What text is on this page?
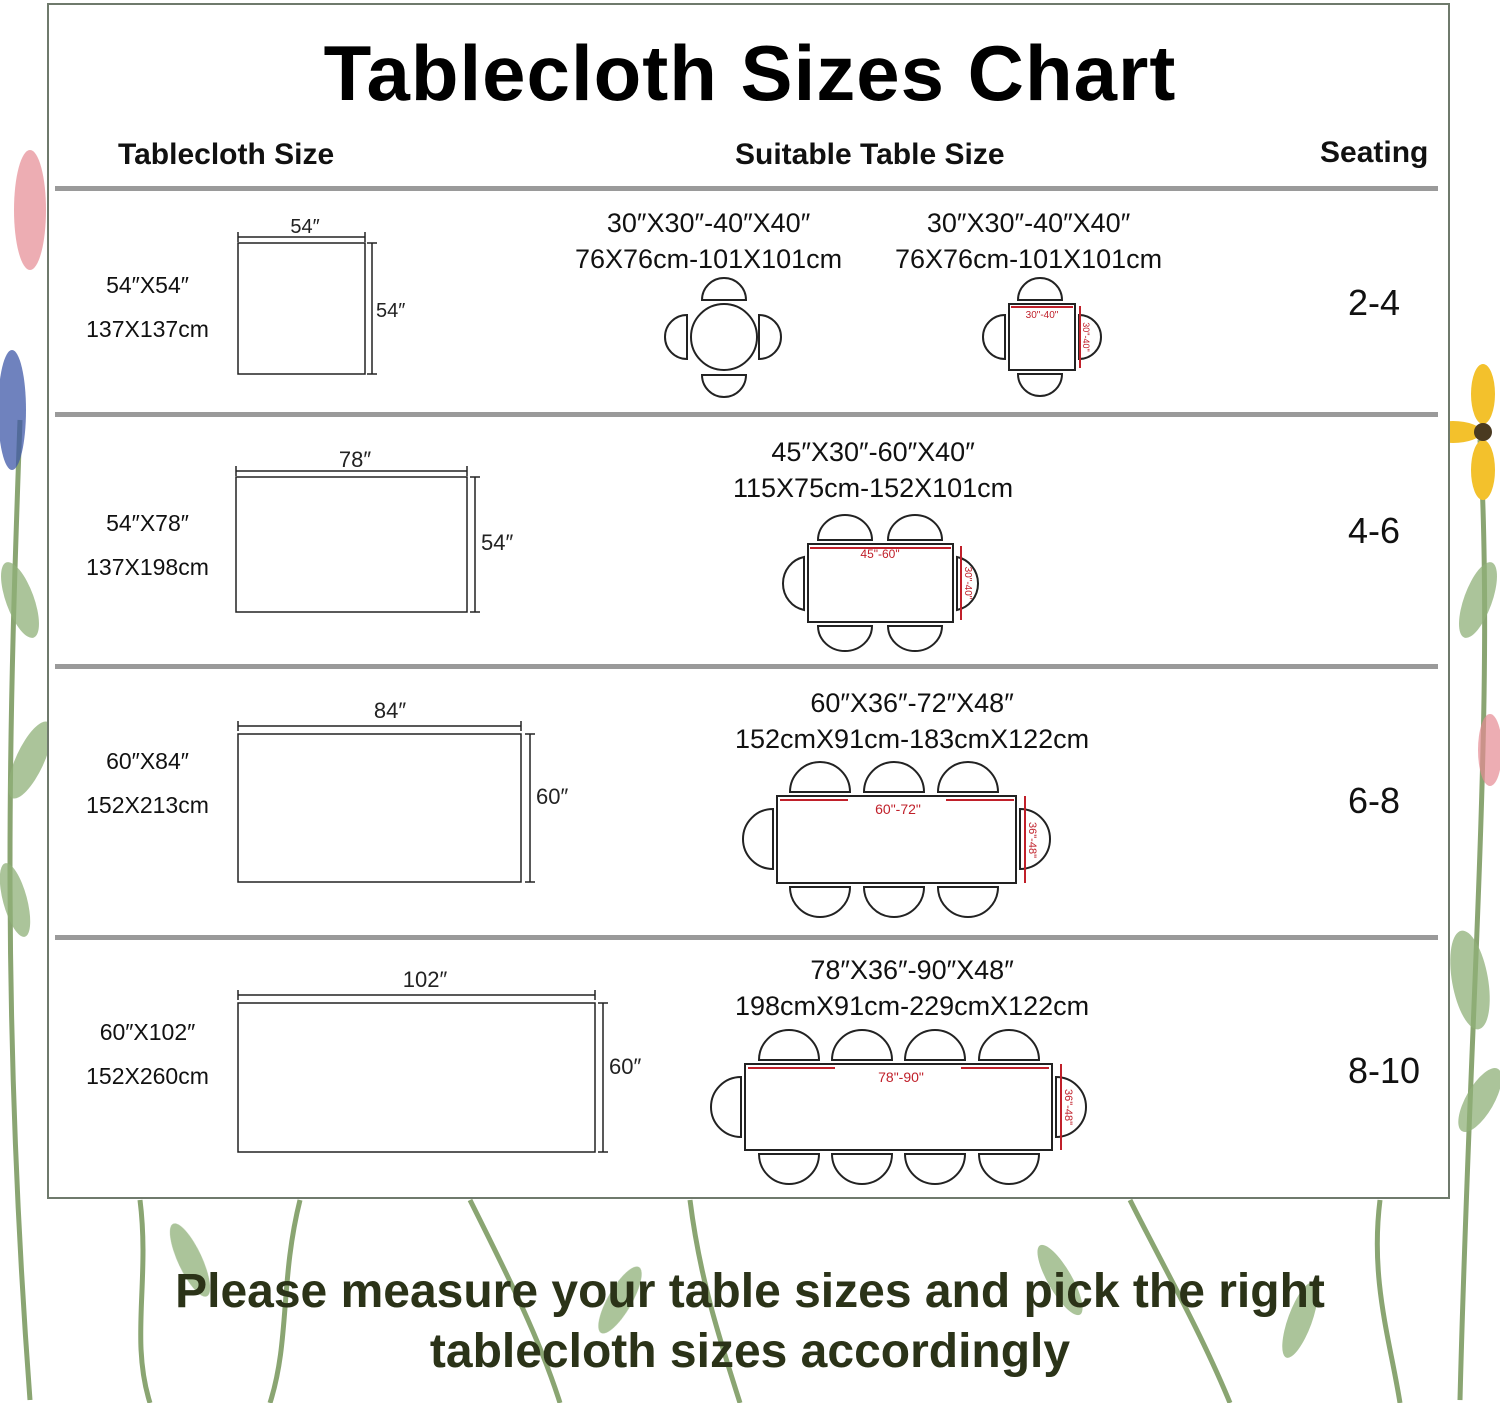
Tablecloth Sizes Chart
Tablecloth Size	Suitable Table Size	Seating
54″X54″
137X137cm
54″
54″
30″X30″-40″X40″
76X76cm-101X101cm
30″X30″-40″X40″
76X76cm-101X101cm
30"-40"
30"-40"
2-4
54″X78″
137X198cm
78″
54″
45″X30″-60″X40″
115X75cm-152X101cm
45"-60"
30"-40"
4-6
60″X84″
152X213cm
84″
60″
60″X36″-72″X48″
152cmX91cm-183cmX122cm
60"-72"
36"-48"
6-8
60″X102″
152X260cm
102″
60″
78″X36″-90″X48″
198cmX91cm-229cmX122cm
78"-90"
36"-48"
8-10
Please measure your table sizes and pick the right
tablecloth sizes accordingly
